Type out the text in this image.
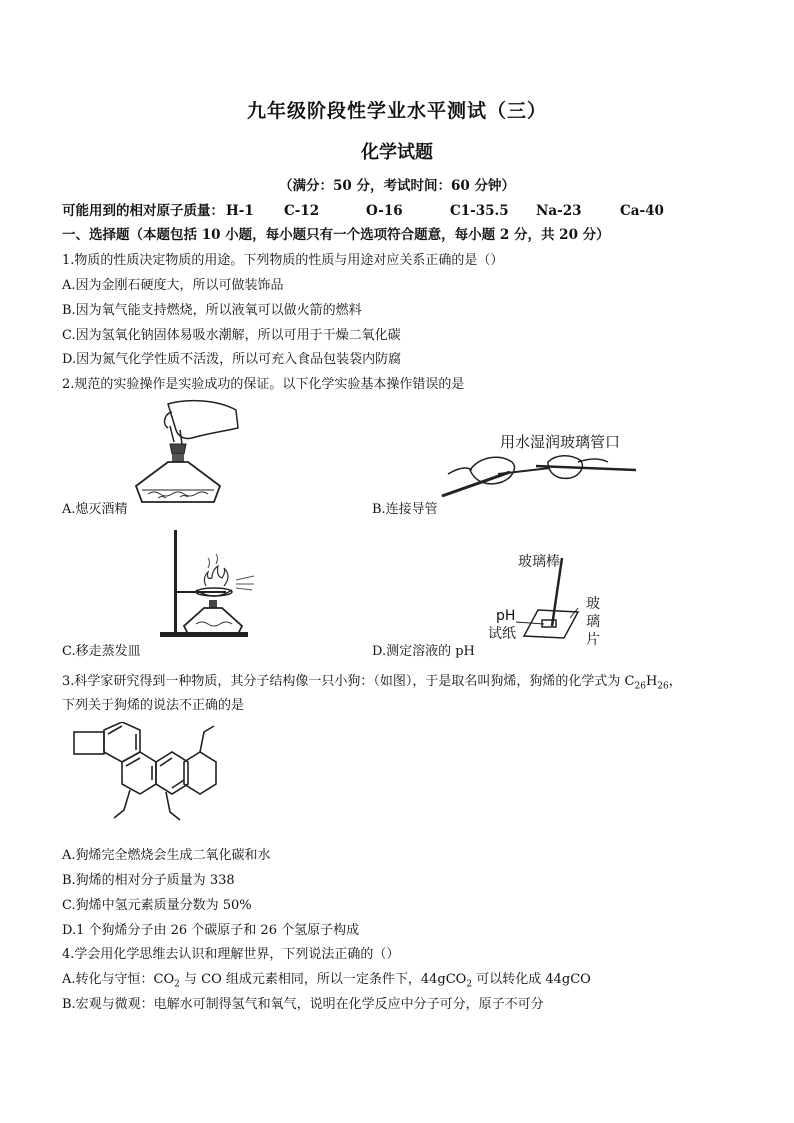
九年级阶段性学业水平测试（三）
化学试题
（满分：50 分，考试时间：60 分钟）
可能用到的相对原子质量： H-1 C-12	O-16	C1-35.5 Na-23	Ca-40
一、选择题（本题包括 10 小题，每小题只有一个选项符合题意，每小题 2 分，共 20 分）
1.物质的性质决定物质的用途。下列物质的性质与用途对应关系正确的是（）
A.因为金刚石硬度大，所以可做装饰品
B.因为氧气能支持燃烧，所以液氧可以做火箭的燃料
C.因为氢氧化钠固体易吸水潮解，所以可用于干燥二氧化碳
D.因为氮气化学性质不活泼，所以可充入食品包装袋内防腐
2.规范的实验操作是实验成功的保证。以下化学实验基本操作错误的是
A.熄灭酒精
用水湿润玻璃管口
B.连接导管
C.移走蒸发皿
玻璃棒
玻
璃
片
pH
试纸
D.测定溶液的 pH
3.科学家研究得到一种物质，其分子结构像一只小狗：（如图），于是取名叫狗烯，狗烯的化学式为 $C_{26}H_{26}$，
下列关于狗烯的说法不正确的是
A.狗烯完全燃烧会生成二氧化碳和水
B.狗烯的相对分子质量为 338
C.狗烯中氢元素质量分数为 50%
D.1 个狗烯分子由 26 个碳原子和 26 个氢原子构成
4.学会用化学思维去认识和理解世界，下列说法正确的（）
A.转化与守恒：$CO_2$ 与 CO 组成元素相同，所以一定条件下，44gCO$_2$ 可以转化成 44gCO
B.宏观与微观：电解水可制得氢气和氧气，说明在化学反应中分子可分，原子不可分
